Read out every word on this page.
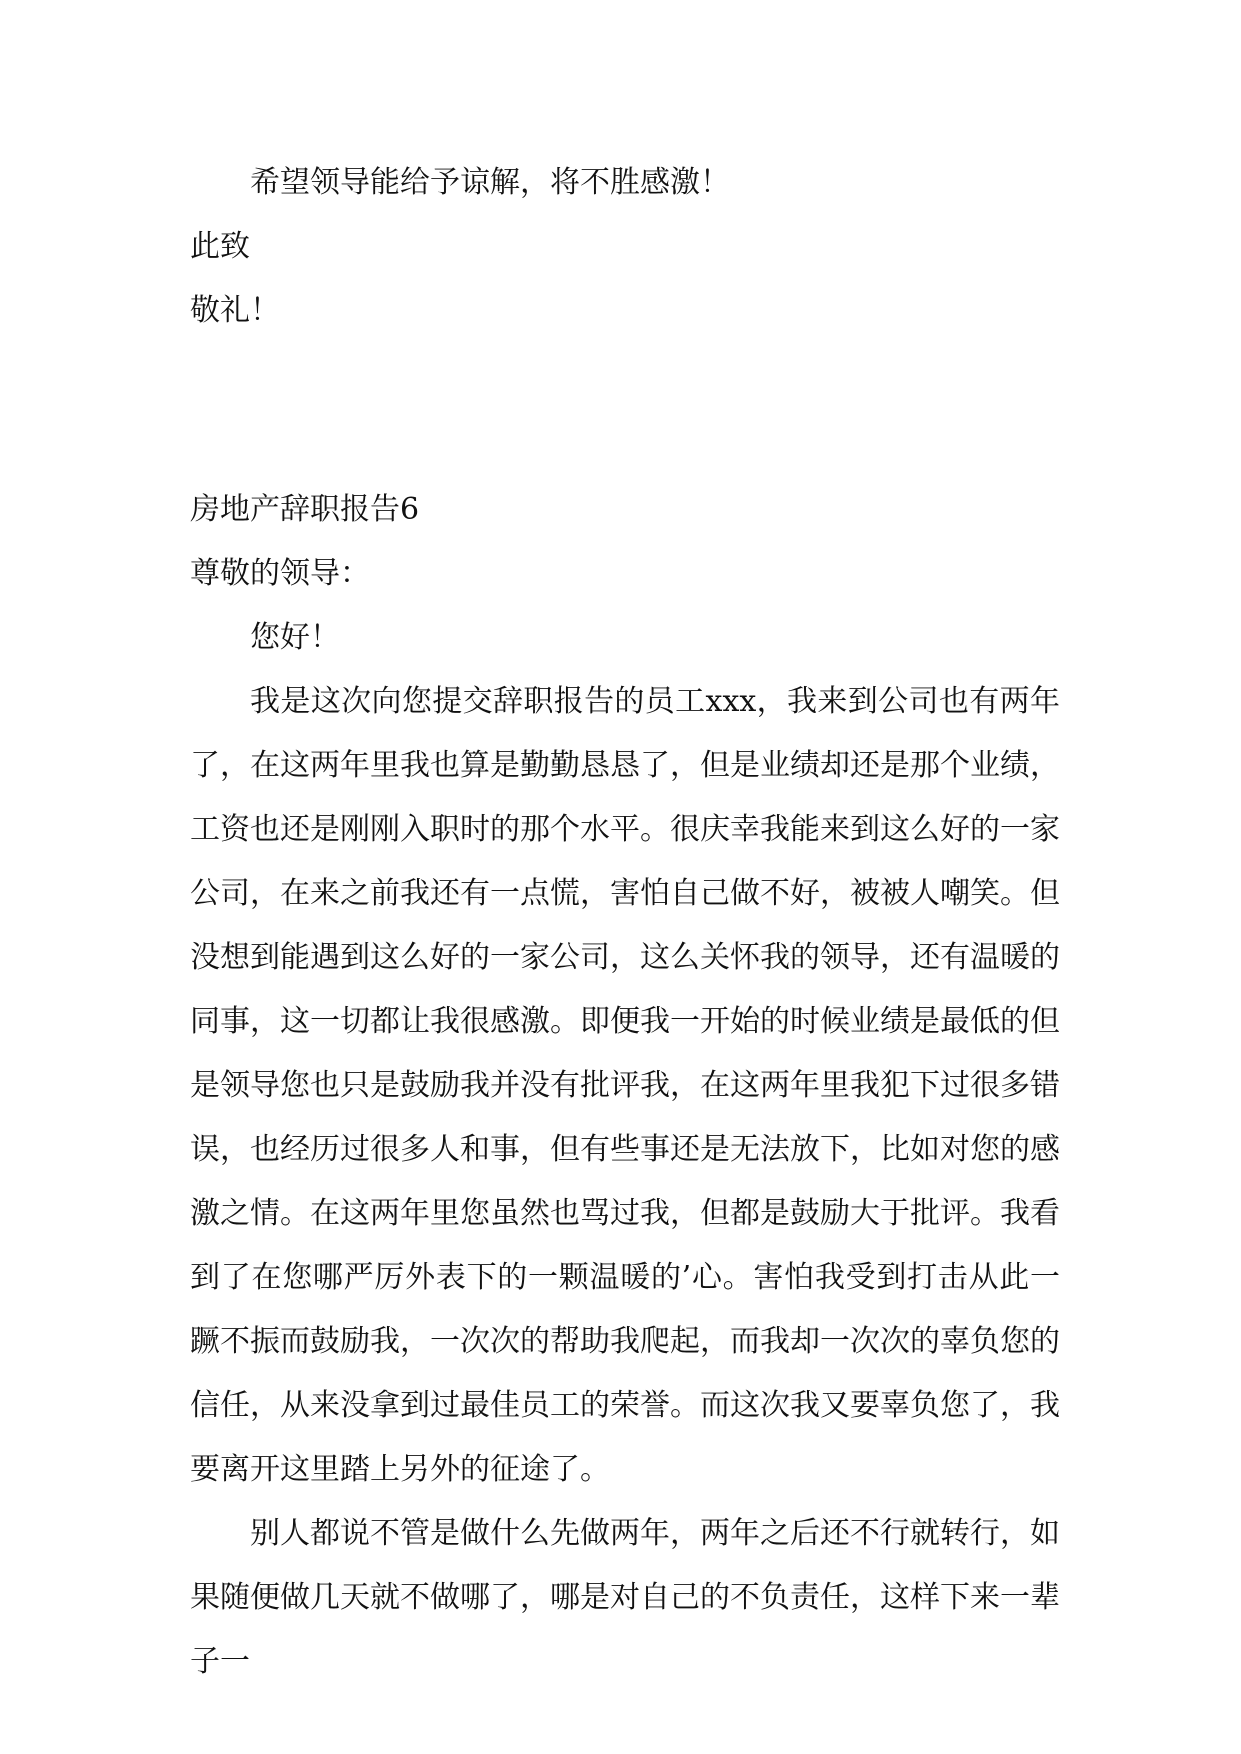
希望领导能给予谅解，将不胜感激！
此致
敬礼！
房地产辞职报告6
尊敬的领导：
您好！

我是这次向您提交辞职报告的员工xxx，我来到公司也有两年了，在这两年里我也算是勤勤恳恳了，但是业绩却还是那个业绩，工资也还是刚刚入职时的那个水平。很庆幸我能来到这么好的一家公司，在来之前我还有一点慌，害怕自己做不好，被被人嘲笑。但没想到能遇到这么好的一家公司，这么关怀我的领导，还有温暖的同事，这一切都让我很感激。即便我一开始的时候业绩是最低的但是领导您也只是鼓励我并没有批评我，在这两年里我犯下过很多错误，也经历过很多人和事，但有些事还是无法放下，比如对您的感激之情。在这两年里您虽然也骂过我，但都是鼓励大于批评。我看到了在您哪严厉外表下的一颗温暖的’心。害怕我受到打击从此一蹶不振而鼓励我，一次次的帮助我爬起，而我却一次次的辜负您的信任，从来没拿到过最佳员工的荣誉。而这次我又要辜负您了，我要离开这里踏上另外的征途了。

别人都说不管是做什么先做两年，两年之后还不行就转行，如果随便做几天就不做哪了，哪是对自己的不负责任，这样下来一辈子一
